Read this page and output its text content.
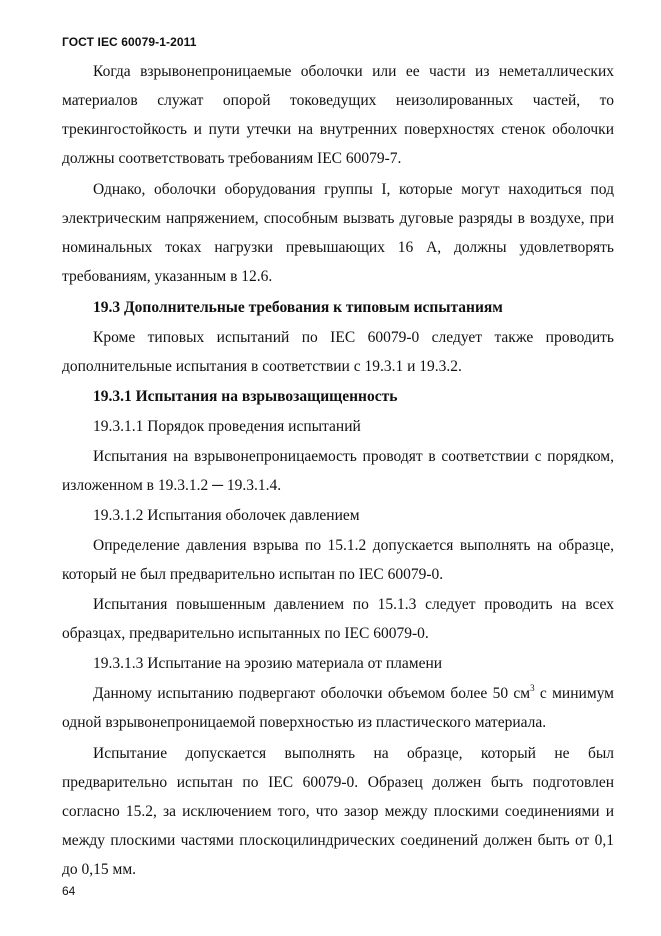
ГОСТ IEC 60079-1-2011
Когда взрывонепроницаемые оболочки или ее части из неметаллических материалов служат опорой токоведущих неизолированных частей, то трекингостойкость и пути утечки на внутренних поверхностях стенок оболочки должны соответствовать требованиям IEC 60079-7.
Однако, оболочки оборудования группы I, которые могут находиться под электрическим напряжением, способным вызвать дуговые разряды в воздухе, при номинальных токах нагрузки превышающих 16 А, должны удовлетворять требованиям, указанным в 12.6.
19.3 Дополнительные требования к типовым испытаниям
Кроме типовых испытаний по IEC 60079-0 следует также проводить дополнительные испытания в соответствии с 19.3.1 и 19.3.2.
19.3.1 Испытания на взрывозащищенность
19.3.1.1 Порядок проведения испытаний
Испытания на взрывонепроницаемость проводят в соответствии с порядком, изложенном в 19.3.1.2 ─ 19.3.1.4.
19.3.1.2 Испытания оболочек давлением
Определение давления взрыва по 15.1.2 допускается выполнять на образце, который не был предварительно испытан по IEC 60079-0.
Испытания повышенным давлением по 15.1.3 следует проводить на всех образцах, предварительно испытанных по IEC 60079-0.
19.3.1.3 Испытание на эрозию материала от пламени
Данному испытанию подвергают оболочки объемом более 50 $см^3$ с минимум одной взрывонепроницаемой поверхностью из пластического материала.
Испытание допускается выполнять на образце, который не был предварительно испытан по IEC 60079-0. Образец должен быть подготовлен согласно 15.2, за исключением того, что зазор между плоскими соединениями и между плоскими частями плоскоцилиндрических соединений должен быть от 0,1 до 0,15 мм.
64
